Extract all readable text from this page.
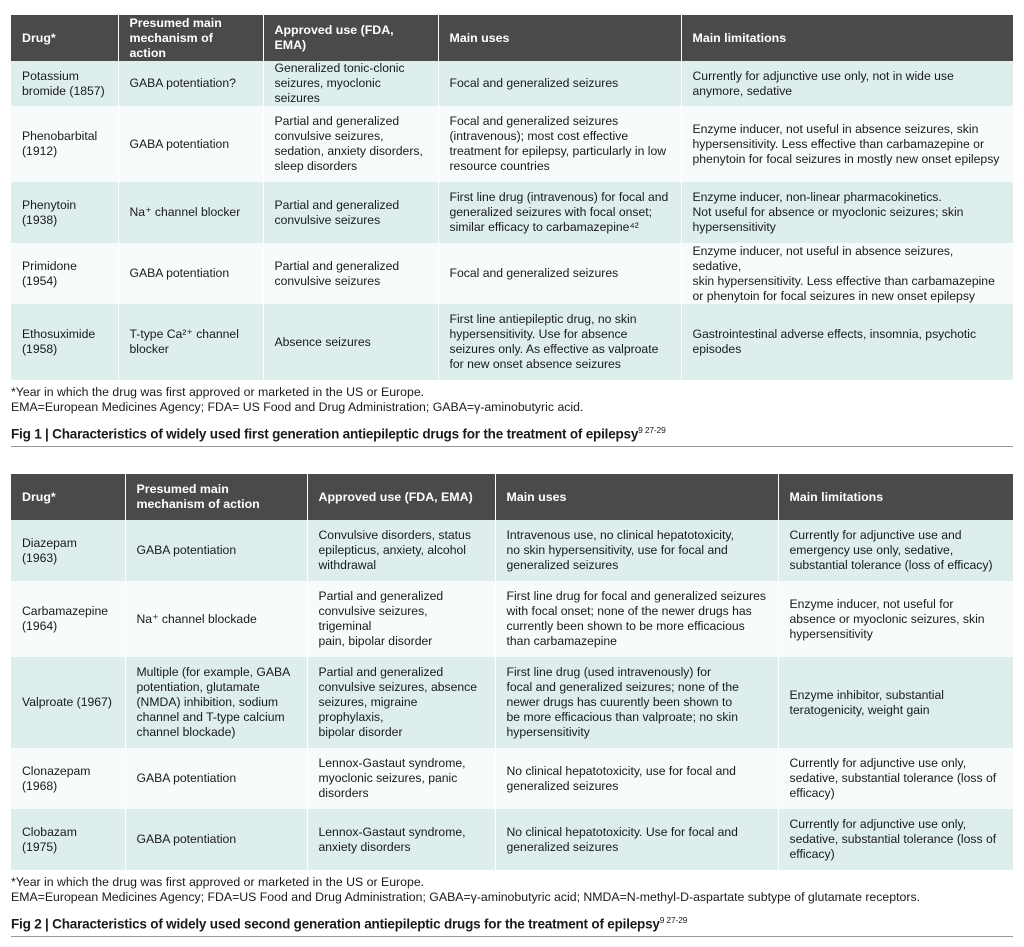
Drug*	Presumed main
mechanism of action	Approved use (FDA, EMA)	Main uses	Main limitations

Potassium
bromide (1857)	GABA potentiation?	Generalized tonic-clonic
seizures, myoclonic seizures	Focal and generalized seizures	Currently for adjunctive use only, not in wide use
anymore, sedative

Phenobarbital
(1912)	GABA potentiation	Partial and generalized
convulsive seizures,
sedation, anxiety disorders,
sleep disorders	Focal and generalized seizures
(intravenous); most cost effective
treatment for epilepsy, particularly in low
resource countries	Enzyme inducer, not useful in absence seizures, skin
hypersensitivity. Less effective than carbamazepine or
phenytoin for focal seizures in mostly new onset epilepsy

Phenytoin
(1938)	Na⁺ channel blocker	Partial and generalized
convulsive seizures	First line drug (intravenous) for focal and
generalized seizures with focal onset;
similar efficacy to carbamazepine⁴²	Enzyme inducer, non-linear pharmacokinetics.
Not useful for absence or myoclonic seizures; skin
hypersensitivity

Primidone
(1954)	GABA potentiation	Partial and generalized
convulsive seizures	Focal and generalized seizures	Enzyme inducer, not useful in absence seizures, sedative,
skin hypersensitivity. Less effective than carbamazepine
or phenytoin for focal seizures in new onset epilepsy

Ethosuximide
(1958)	T-type Ca²⁺ channel
blocker	Absence seizures	First line antiepileptic drug, no skin
hypersensitivity. Use for absence
seizures only. As effective as valproate
for new onset absence seizures	Gastrointestinal adverse effects, insomnia, psychotic
episodes
*Year in which the drug was first approved or marketed in the US or Europe.
EMA=European Medicines Agency; FDA= US Food and Drug Administration; GABA=γ-aminobutyric acid.
Fig 1 | Characteristics of widely used first generation antiepileptic drugs for the treatment of epilepsy$^{9 27-29}$
Drug*	Presumed main
mechanism of action	Approved use (FDA, EMA)	Main uses	Main limitations

Diazepam (1963)	GABA potentiation	Convulsive disorders, status
epilepticus, anxiety, alcohol
withdrawal	Intravenous use, no clinical hepatotoxicity,
no skin hypersensitivity, use for focal and
generalized seizures	Currently for adjunctive use and
emergency use only, sedative,
substantial tolerance (loss of efficacy)

Carbamazepine
(1964)	Na⁺ channel blockade	Partial and generalized
convulsive seizures, trigeminal
pain, bipolar disorder	First line drug for focal and generalized seizures
with focal onset; none of the newer drugs has
currently been shown to be more efficacious
than carbamazepine	Enzyme inducer, not useful for
absence or myoclonic seizures, skin
hypersensitivity

Valproate (1967)	Multiple (for example, GABA
potentiation, glutamate
(NMDA) inhibition, sodium
channel and T-type calcium
channel blockade)	Partial and generalized
convulsive seizures, absence
seizures, migraine prophylaxis,
bipolar disorder	First line drug (used intravenously) for
focal and generalized seizures; none of the
newer drugs has cuurently been shown to
be more efficacious than valproate; no skin
hypersensitivity	Enzyme inhibitor, substantial
teratogenicity, weight gain

Clonazepam
(1968)	GABA potentiation	Lennox-Gastaut syndrome,
myoclonic seizures, panic
disorders	No clinical hepatotoxicity, use for focal and
generalized seizures	Currently for adjunctive use only,
sedative, substantial tolerance (loss of
efficacy)

Clobazam (1975)	GABA potentiation	Lennox-Gastaut syndrome,
anxiety disorders	No clinical hepatotoxicity. Use for focal and
generalized seizures	Currently for adjunctive use only,
sedative, substantial tolerance (loss of
efficacy)
*Year in which the drug was first approved or marketed in the US or Europe.
EMA=European Medicines Agency; FDA=US Food and Drug Administration; GABA=γ-aminobutyric acid; NMDA=N-methyl-D-aspartate subtype of glutamate receptors.
Fig 2 | Characteristics of widely used second generation antiepileptic drugs for the treatment of epilepsy$^{9 27-29}$
